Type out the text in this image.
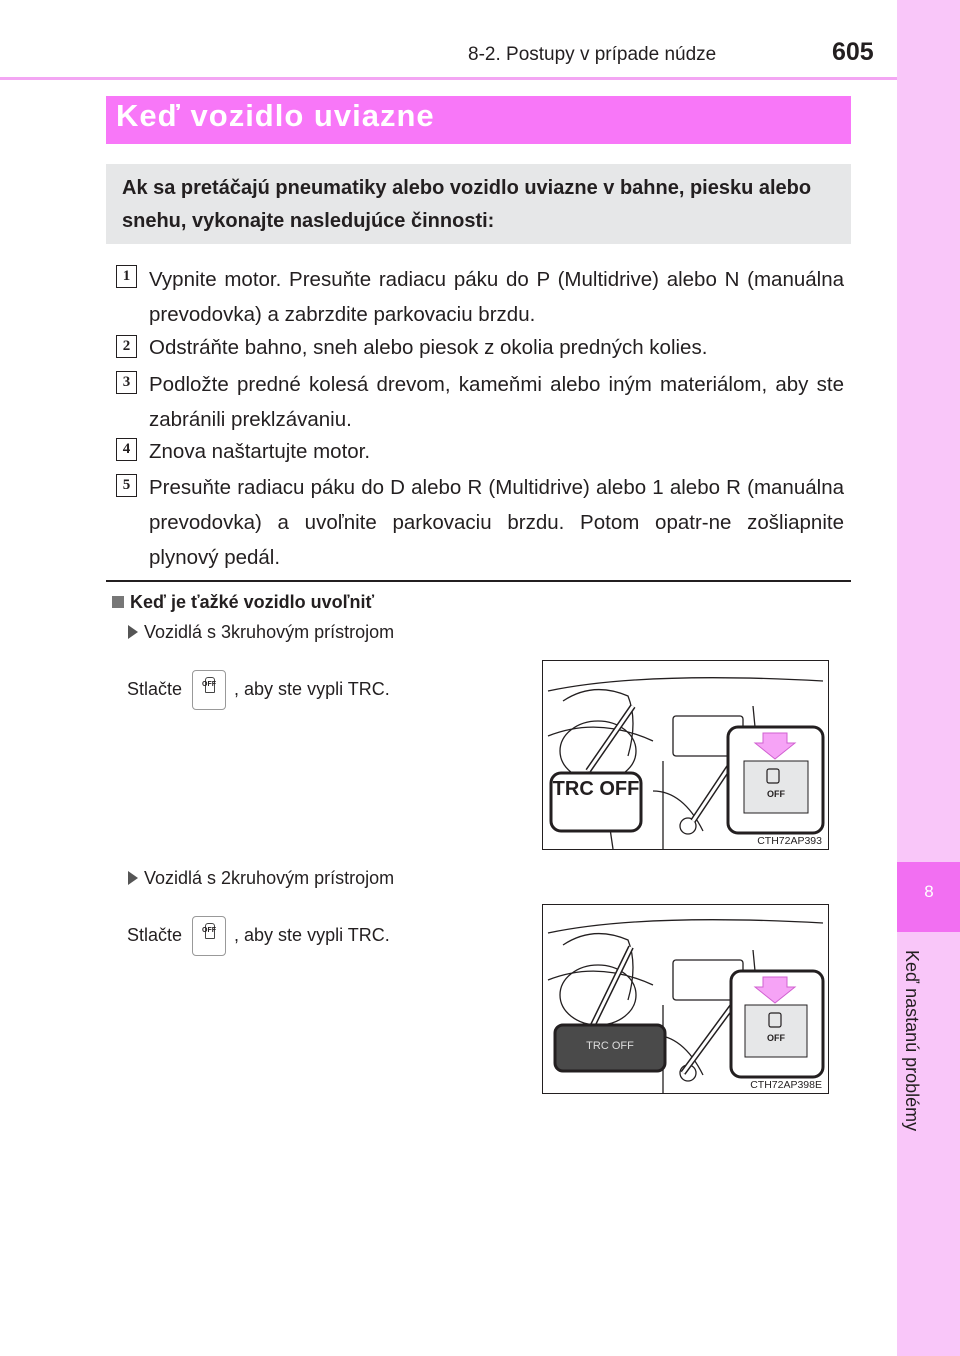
8-2. Postupy v prípade núdze	605
8
Keď nastanú problémy
Keď vozidlo uviazne
Ak sa pretáčajú pneumatiky alebo vozidlo uviazne v bahne, piesku alebo snehu, vykonajte nasledujúce činnosti:
1 Vypnite motor. Presuňte radiacu páku do P (Multidrive) alebo N (manuálna prevodovka) a zabrzdite parkovaciu brzdu.
2 Odstráňte bahno, sneh alebo piesok z okolia predných kolies.
3 Podložte predné kolesá drevom, kameňmi alebo iným materiálom, aby ste zabránili preklzávaniu.
4 Znova naštartujte motor.
5 Presuňte radiacu páku do D alebo R (Multidrive) alebo 1 alebo R (manuálna prevodovka) a uvoľnite parkovaciu brzdu. Potom opatr-ne zošliapnite plynový pedál.
Keď je ťažké vozidlo uvoľniť
Vozidlá s 3kruhovým prístrojom
Stlačte	OFF	, aby ste vypli TRC.
TRC OFF	OFF
CTH72AP393
Vozidlá s 2kruhovým prístrojom
Stlačte	OFF	, aby ste vypli TRC.
TRC OFF
OFF
CTH72AP398E
